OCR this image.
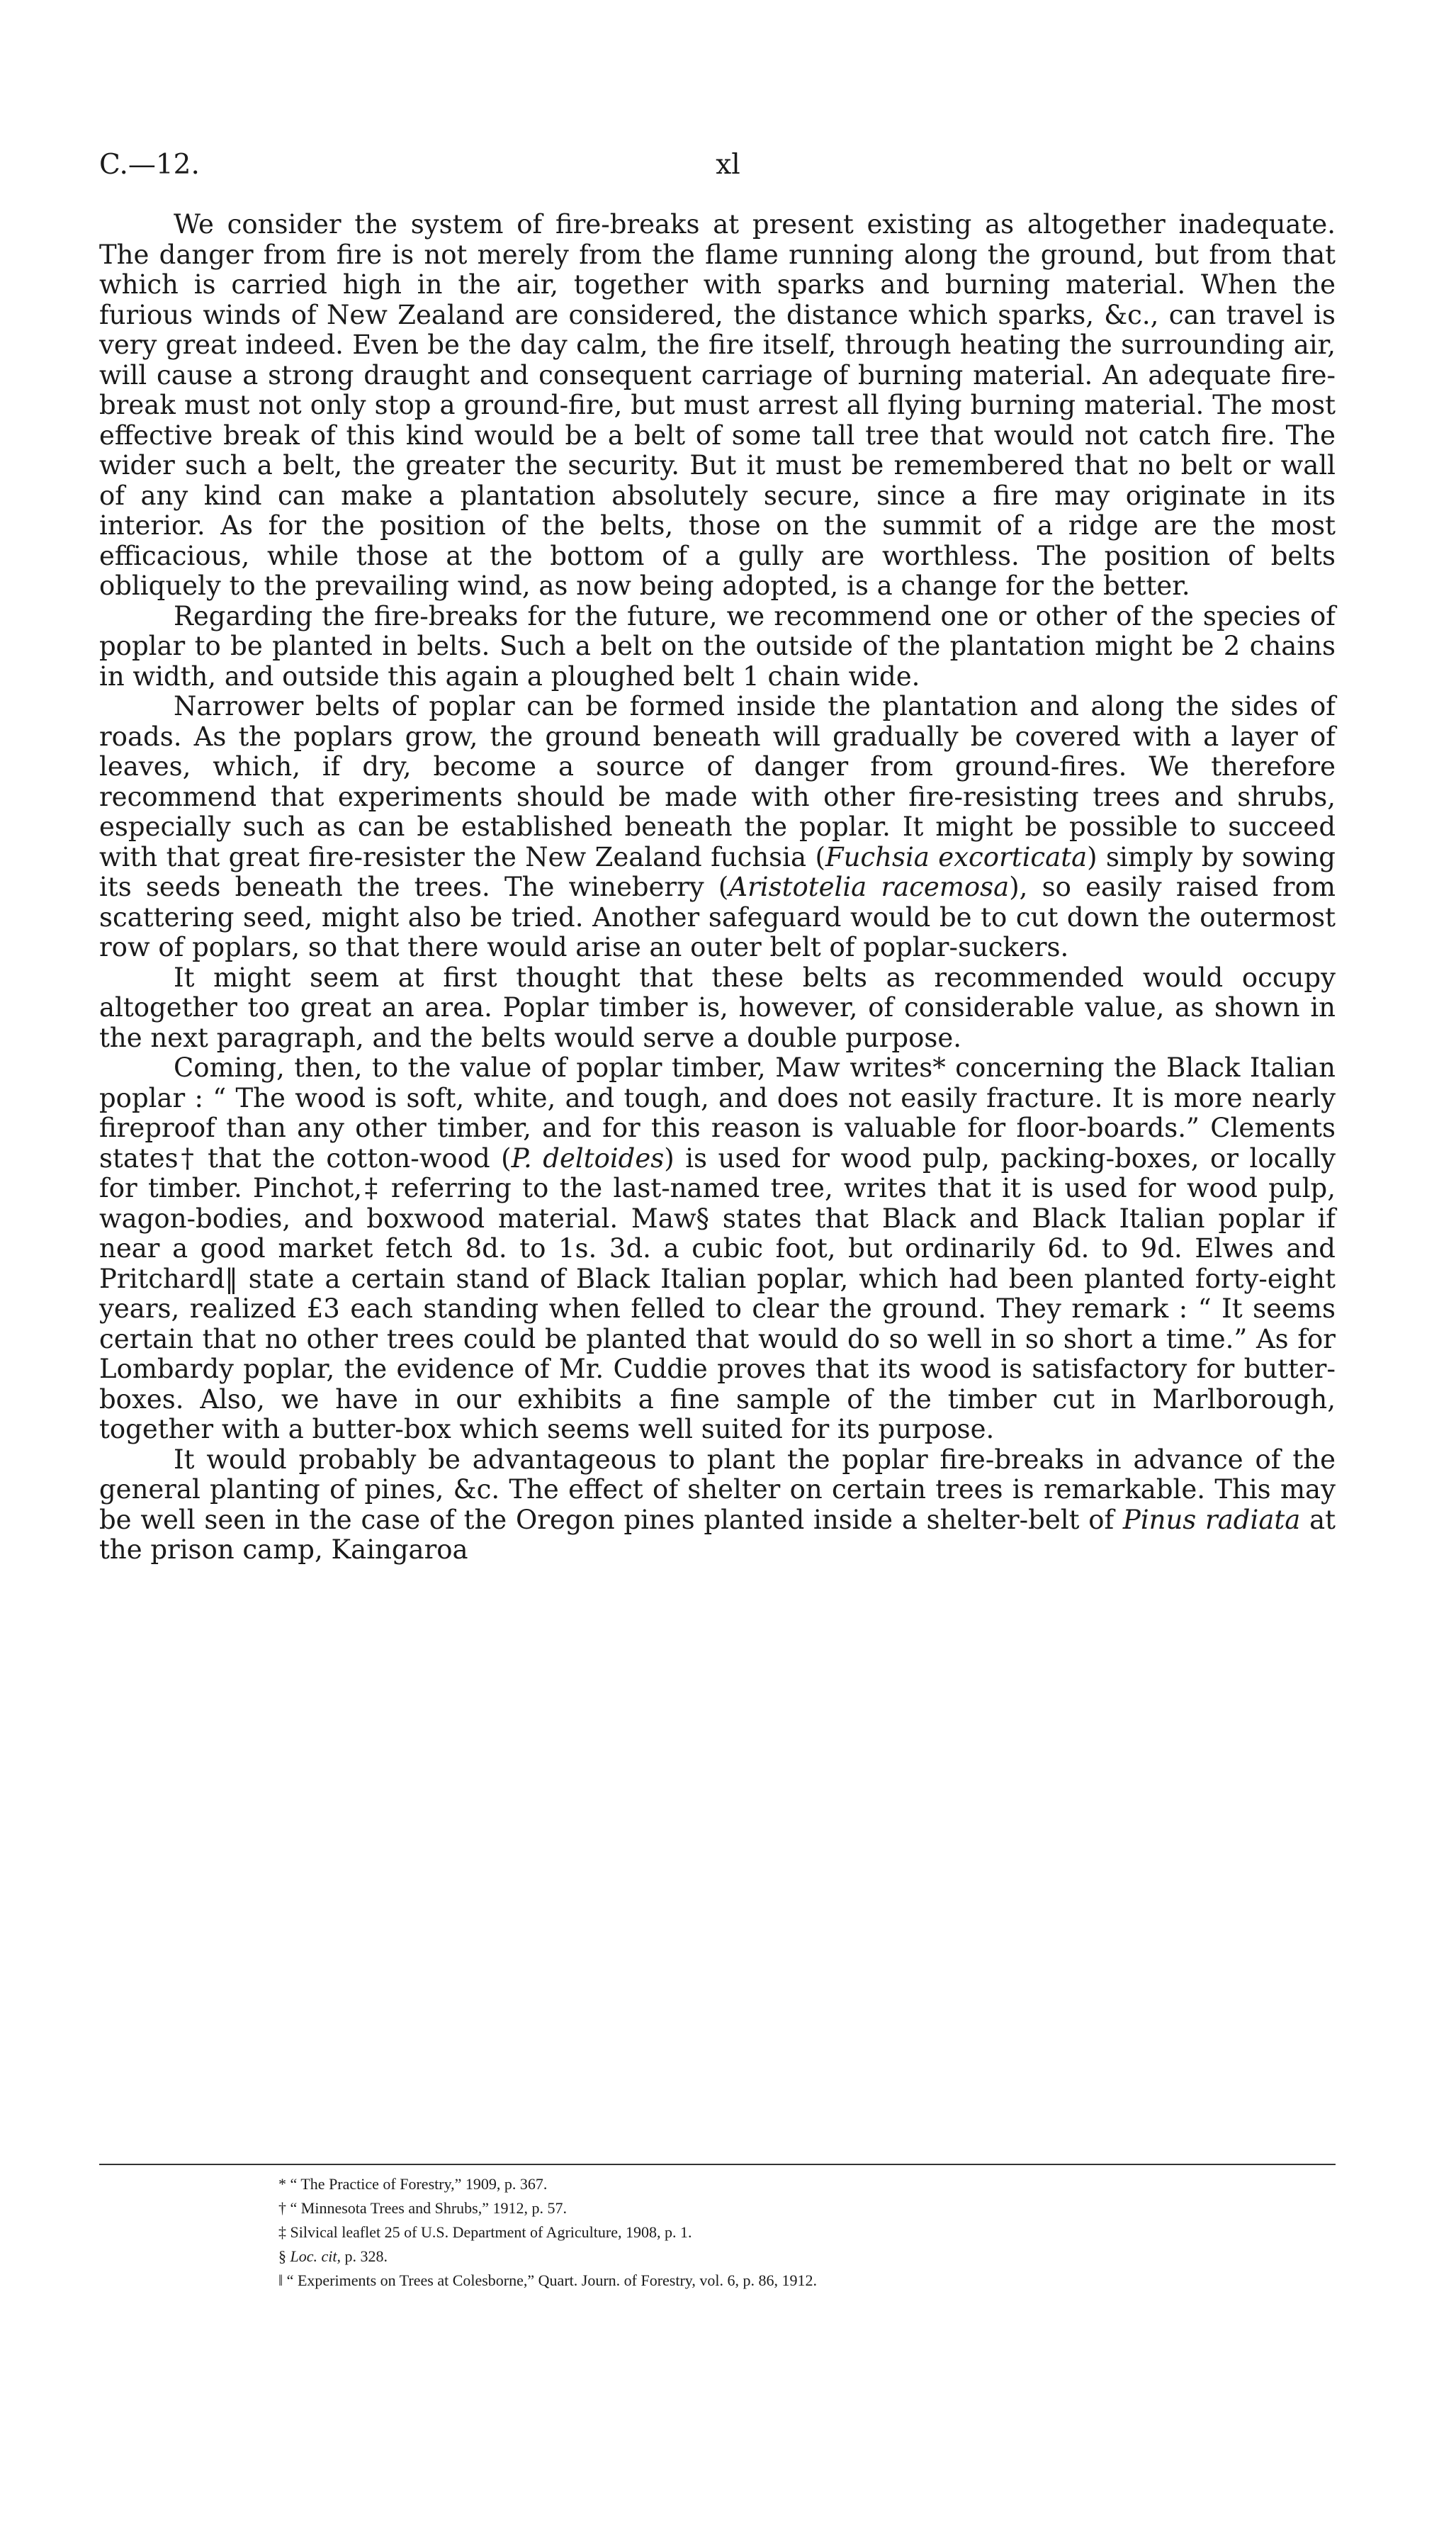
C.—12.	xl

We consider the system of fire-breaks at present existing as altogether inadequate. The danger from fire is not merely from the flame running along the ground, but from that which is carried high in the air, together with sparks and burning material. When the furious winds of New Zealand are considered, the distance which sparks, &c., can travel is very great indeed. Even be the day calm, the fire itself, through heating the surrounding air, will cause a strong draught and consequent carriage of burning material. An adequate fire-break must not only stop a ground-fire, but must arrest all flying burning material. The most effective break of this kind would be a belt of some tall tree that would not catch fire. The wider such a belt, the greater the security. But it must be remembered that no belt or wall of any kind can make a plantation absolutely secure, since a fire may originate in its interior. As for the position of the belts, those on the summit of a ridge are the most efficacious, while those at the bottom of a gully are worthless. The position of belts obliquely to the prevailing wind, as now being adopted, is a change for the better.

Regarding the fire-breaks for the future, we recommend one or other of the species of poplar to be planted in belts. Such a belt on the outside of the plantation might be 2 chains in width, and outside this again a ploughed belt 1 chain wide.

Narrower belts of poplar can be formed inside the plantation and along the sides of roads. As the poplars grow, the ground beneath will gradually be covered with a layer of leaves, which, if dry, become a source of danger from ground-fires. We therefore recommend that experiments should be made with other fire-resisting trees and shrubs, especially such as can be established beneath the poplar. It might be possible to succeed with that great fire-resister the New Zealand fuchsia (Fuchsia excorticata) simply by sowing its seeds beneath the trees. The wineberry (Aristotelia racemosa), so easily raised from scattering seed, might also be tried. Another safeguard would be to cut down the outermost row of poplars, so that there would arise an outer belt of poplar-suckers.

It might seem at first thought that these belts as recommended would occupy altogether too great an area. Poplar timber is, however, of considerable value, as shown in the next paragraph, and the belts would serve a double purpose.

Coming, then, to the value of poplar timber, Maw writes* concerning the Black Italian poplar : “ The wood is soft, white, and tough, and does not easily fracture. It is more nearly fireproof than any other timber, and for this reason is valuable for floor-boards.” Clements states† that the cotton-wood (P. deltoides) is used for wood pulp, packing-boxes, or locally for timber. Pinchot,‡ referring to the last-named tree, writes that it is used for wood pulp, wagon-bodies, and boxwood material. Maw§ states that Black and Black Italian poplar if near a good market fetch 8d. to 1s. 3d. a cubic foot, but ordinarily 6d. to 9d. Elwes and Pritchard‖ state a certain stand of Black Italian poplar, which had been planted forty-eight years, realized £3 each standing when felled to clear the ground. They remark : “ It seems certain that no other trees could be planted that would do so well in so short a time.” As for Lombardy poplar, the evidence of Mr. Cuddie proves that its wood is satisfactory for butter-boxes. Also, we have in our exhibits a fine sample of the timber cut in Marlborough, together with a butter-box which seems well suited for its purpose.

It would probably be advantageous to plant the poplar fire-breaks in advance of the general planting of pines, &c. The effect of shelter on certain trees is remarkable. This may be well seen in the case of the Oregon pines planted inside a shelter-belt of Pinus radiata at the prison camp, Kaingaroa

* “ The Practice of Forestry,” 1909, p. 367.
† “ Minnesota Trees and Shrubs,” 1912, p. 57.
‡ Silvical leaflet 25 of U.S. Department of Agriculture, 1908, p. 1.
§ Loc. cit, p. 328.
‖ “ Experiments on Trees at Colesborne,” Quart. Journ. of Forestry, vol. 6, p. 86, 1912.
